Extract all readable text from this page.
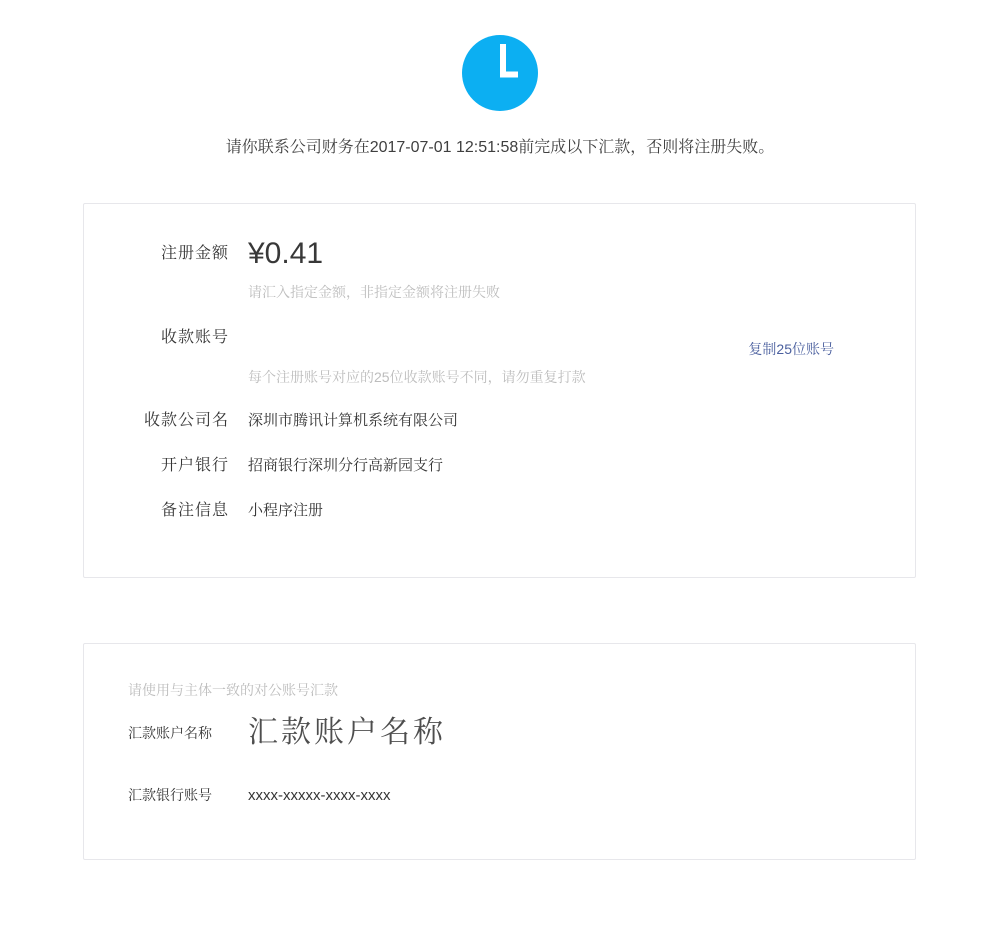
请你联系公司财务在2017-07-01 12:51:58前完成以下汇款，否则将注册失败。
注册金额 ¥0.41
请汇入指定金额，非指定金额将注册失败
收款账号
复制25位账号
每个注册账号对应的25位收款账号不同，请勿重复打款
收款公司名 深圳市腾讯计算机系统有限公司
开户银行 招商银行深圳分行高新园支行
备注信息 小程序注册
请使用与主体一致的对公账号汇款
汇款账户名称 汇款账户名称
汇款银行账号 xxxx-xxxxx-xxxx-xxxx
